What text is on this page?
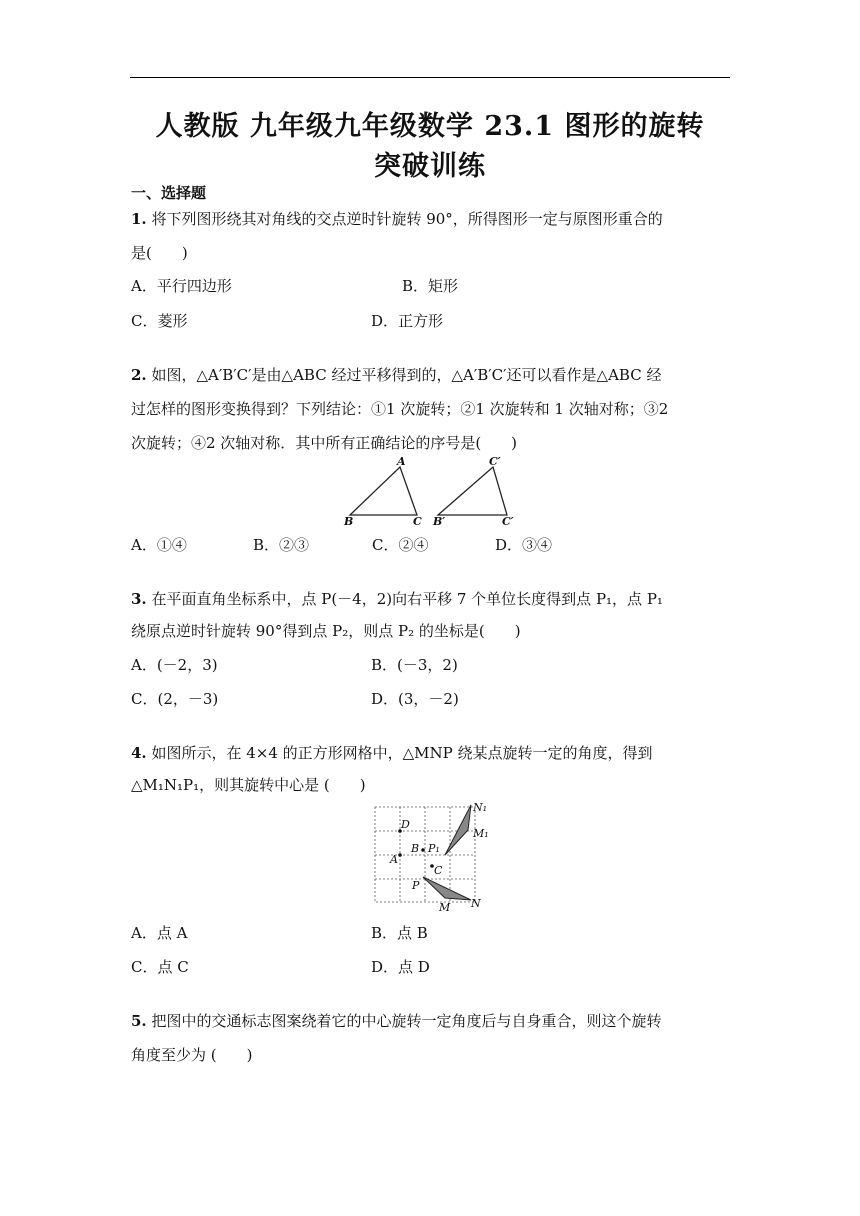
人教版 九年级九年级数学 23.1 图形的旋转
突破训练
一、选择题
1. 将下列图形绕其对角线的交点逆时针旋转 90°，所得图形一定与原图形重合的
是(　　)
A．平行四边形	B．矩形
C．菱形	D．正方形
2. 如图，△A′B′C′是由△ABC 经过平移得到的，△A′B′C′还可以看作是△ABC 经
过怎样的图形变换得到？下列结论：①1 次旋转；②1 次旋转和 1 次轴对称；③2
次旋转；④2 次轴对称．其中所有正确结论的序号是(　　)
A
B	C
C′
B′	C′
A．①④	B．②③	C．②④	D．③④
3. 在平面直角坐标系中，点 P(－4，2)向右平移 7 个单位长度得到点 P₁，点 P₁
绕原点逆时针旋转 90°得到点 P₂，则点 P₂ 的坐标是(　　)
A．(－2，3)	B．(－3，2)
C．(2，－3)	D．(3，－2)
4. 如图所示，在 4×4 的正方形网格中，△MNP 绕某点旋转一定的角度，得到
△M₁N₁P₁，则其旋转中心是 (　　)
N₁
D
M₁
B P₁
A
C
P
M N
A．点 A	B．点 B
C．点 C	D．点 D
5. 把图中的交通标志图案绕着它的中心旋转一定角度后与自身重合，则这个旋转
角度至少为 (　　)
